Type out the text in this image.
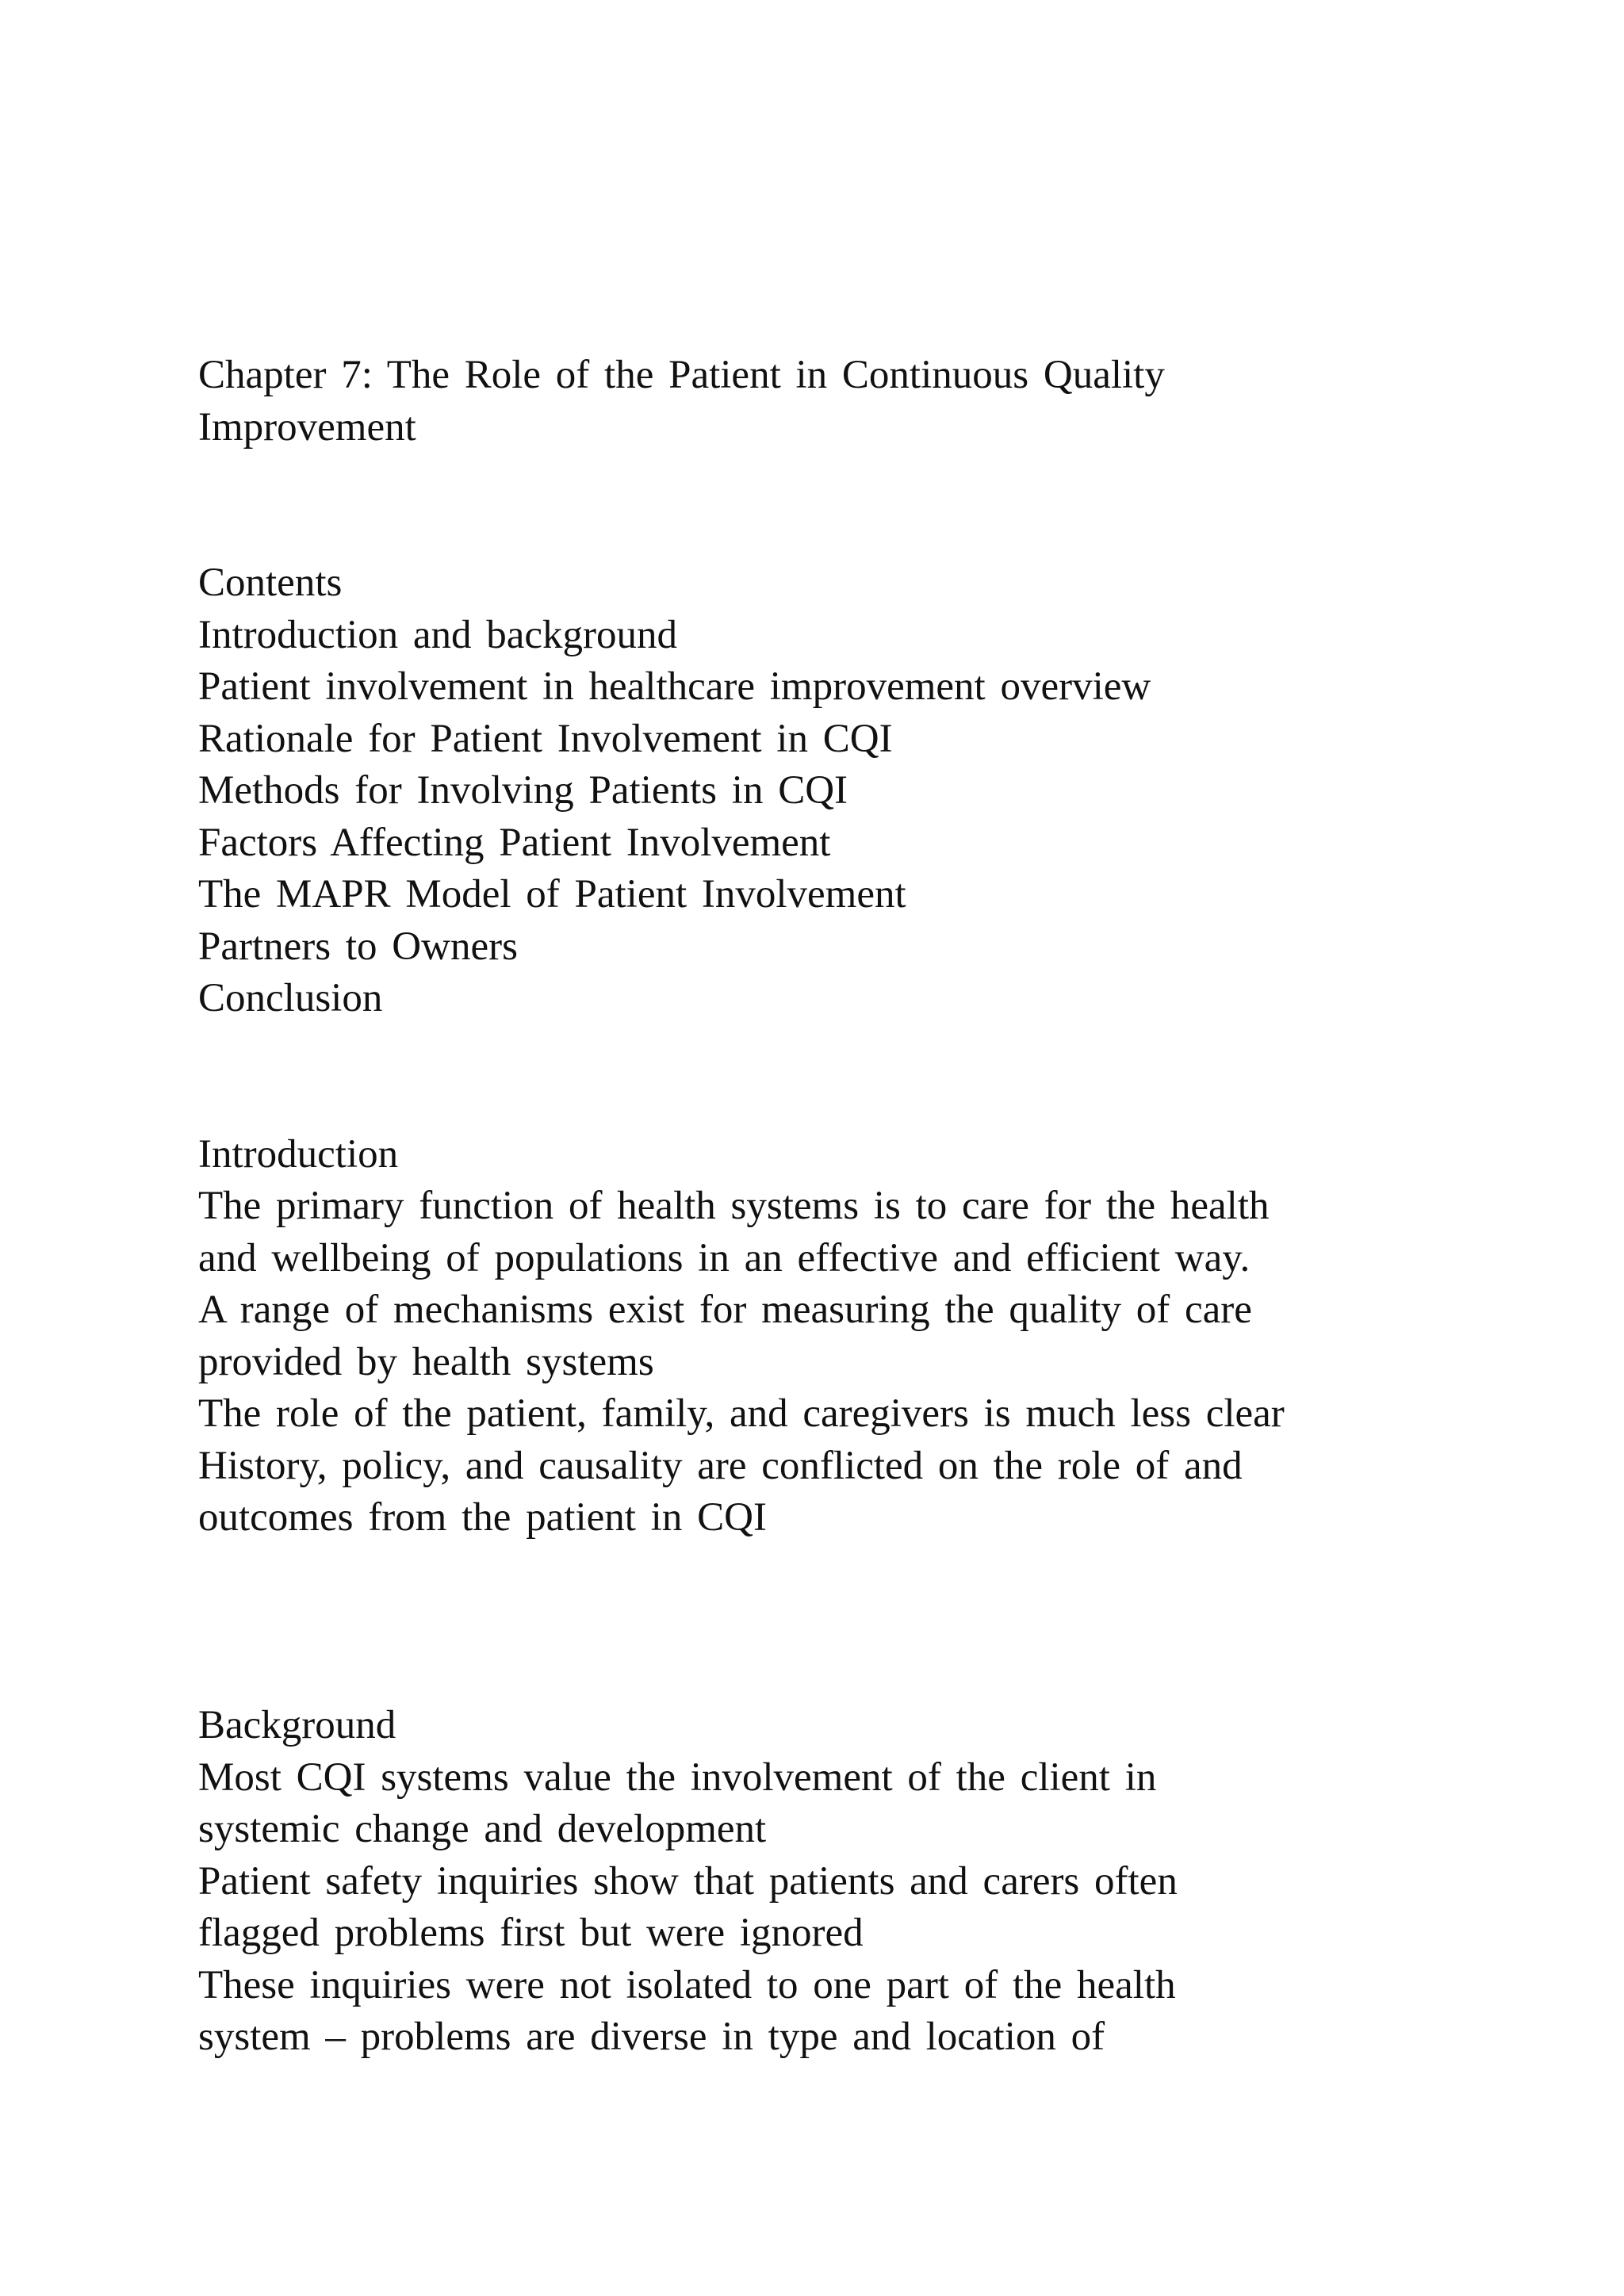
Chapter 7: The Role of the Patient in Continuous Quality
Improvement
Contents
Introduction and background
Patient involvement in healthcare improvement overview
Rationale for Patient Involvement in CQI
Methods for Involving Patients in CQI
Factors Affecting Patient Involvement
The MAPR Model of Patient Involvement
Partners to Owners
Conclusion
Introduction
The primary function of health systems is to care for the health
and wellbeing of populations in an effective and efficient way.
A range of mechanisms exist for measuring the quality of care
provided by health systems
The role of the patient, family, and caregivers is much less clear
History, policy, and causality are conflicted on the role of and
outcomes from the patient in CQI
Background
Most CQI systems value the involvement of the client in
systemic change and development
Patient safety inquiries show that patients and carers often
flagged problems first but were ignored
These inquiries were not isolated to one part of the health
system – problems are diverse in type and location of
